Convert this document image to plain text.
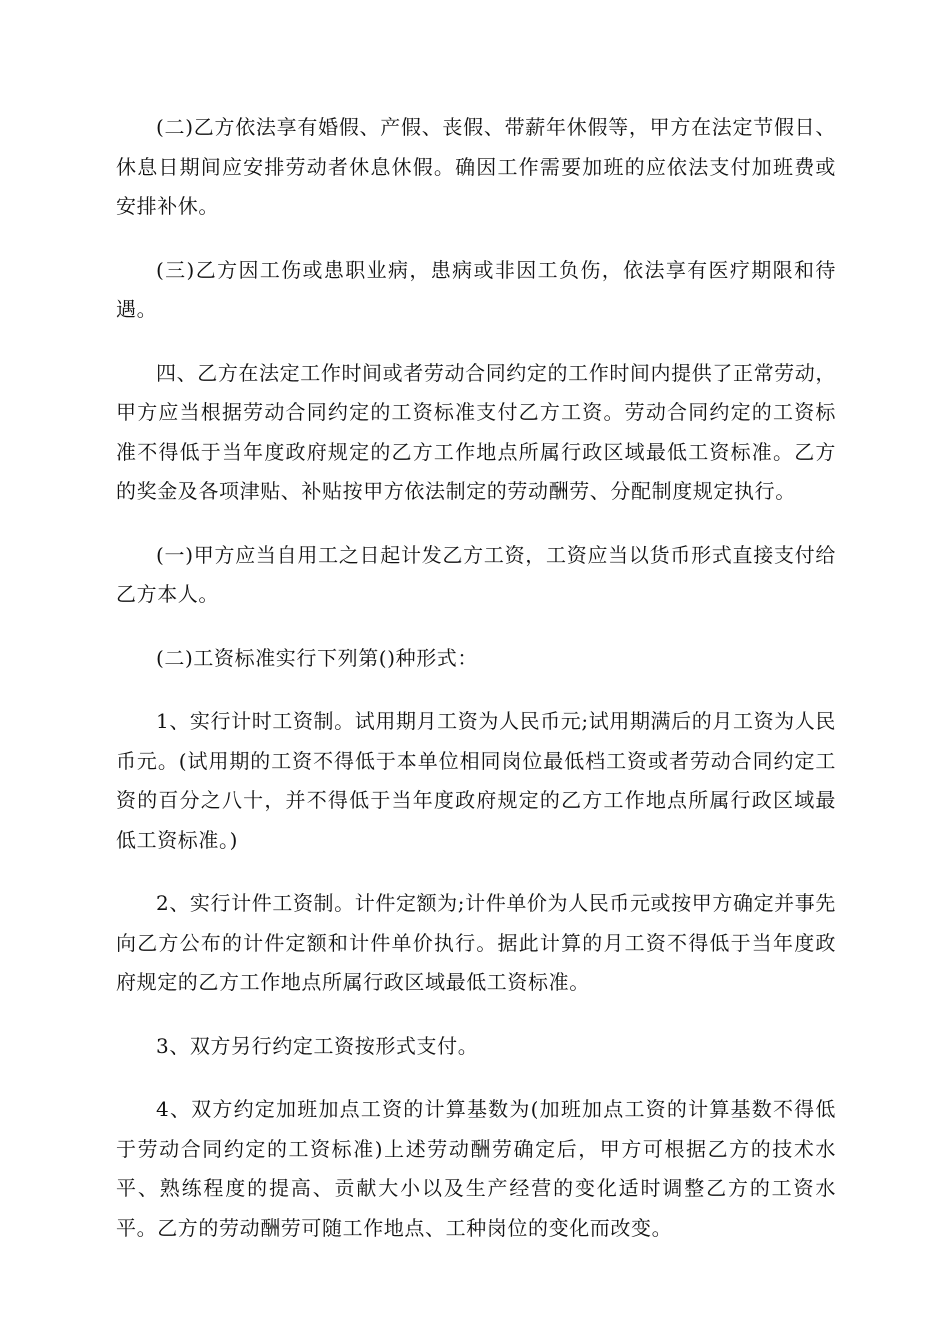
(二)乙方依法享有婚假、产假、丧假、带薪年休假等，甲方在法定节假日、休息日期间应安排劳动者休息休假。确因工作需要加班的应依法支付加班费或安排补休。

(三)乙方因工伤或患职业病，患病或非因工负伤，依法享有医疗期限和待遇。

四、乙方在法定工作时间或者劳动合同约定的工作时间内提供了正常劳动，甲方应当根据劳动合同约定的工资标准支付乙方工资。劳动合同约定的工资标准不得低于当年度政府规定的乙方工作地点所属行政区域最低工资标准。乙方的奖金及各项津贴、补贴按甲方依法制定的劳动酬劳、分配制度规定执行。

(一)甲方应当自用工之日起计发乙方工资，工资应当以货币形式直接支付给乙方本人。

(二)工资标准实行下列第()种形式：

1、实行计时工资制。试用期月工资为人民币元;试用期满后的月工资为人民币元。(试用期的工资不得低于本单位相同岗位最低档工资或者劳动合同约定工资的百分之八十，并不得低于当年度政府规定的乙方工作地点所属行政区域最低工资标准。)

2、实行计件工资制。计件定额为;计件单价为人民币元或按甲方确定并事先向乙方公布的计件定额和计件单价执行。据此计算的月工资不得低于当年度政府规定的乙方工作地点所属行政区域最低工资标准。

3、双方另行约定工资按形式支付。

4、双方约定加班加点工资的计算基数为(加班加点工资的计算基数不得低于劳动合同约定的工资标准)上述劳动酬劳确定后，甲方可根据乙方的技术水平、熟练程度的提高、贡献大小以及生产经营的变化适时调整乙方的工资水平。乙方的劳动酬劳可随工作地点、工种岗位的变化而改变。
